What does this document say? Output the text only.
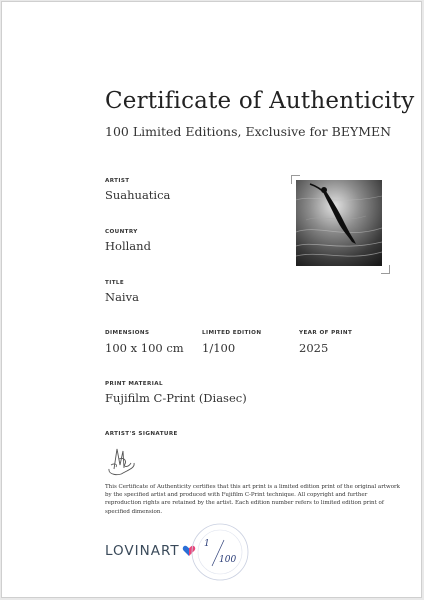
Certificate of Authenticity
100 Limited Editions, Exclusive for BEYMEN
ARTIST
Suahuatica
COUNTRY
Holland
TITLE
Naiva
DIMENSIONS
100 x 100 cm
LIMITED EDITION
1/100
YEAR OF PRINT
2025
PRINT MATERIAL
Fujifilm C-Print (Diasec)
ARTIST'S SIGNATURE
This Certificate of Authenticity certifies that this art print is a limited edition print of the original artwork by the specified artist and produced with Fujifilm C-Print technique. All copyright and further reproduction rights are retained by the artist. Each edition number refers to limited edition print of specified dimension.
LOVINART	1
100
